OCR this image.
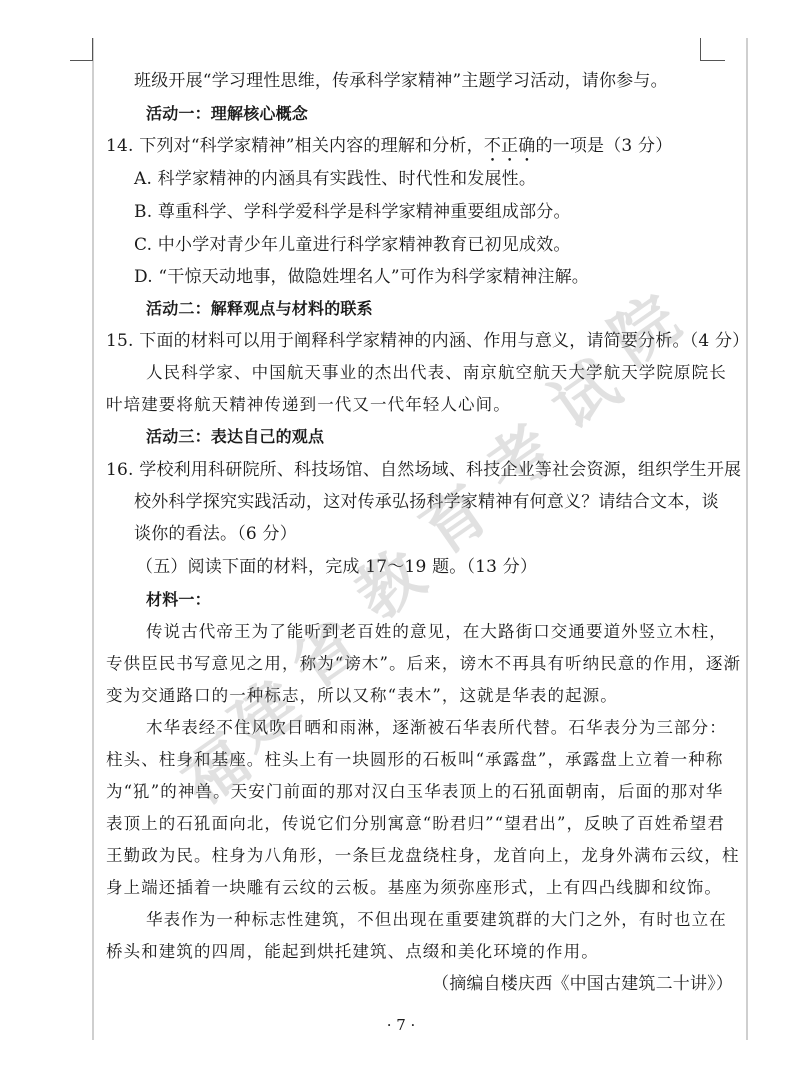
班级开展“学习理性思维，传承科学家精神”主题学习活动，请你参与。
活动一：理解核心概念
14. 下列对“科学家精神”相关内容的理解和分析，不正确的一项是（3 分）
A. 科学家精神的内涵具有实践性、时代性和发展性。
B. 尊重科学、学科学爱科学是科学家精神重要组成部分。
C. 中小学对青少年儿童进行科学家精神教育已初见成效。
D. “干惊天动地事，做隐姓埋名人”可作为科学家精神注解。
活动二：解释观点与材料的联系
15. 下面的材料可以用于阐释科学家精神的内涵、作用与意义，请简要分析。（4 分）
人民科学家、中国航天事业的杰出代表、南京航空航天大学航天学院原院长
叶培建要将航天精神传递到一代又一代年轻人心间。
活动三：表达自己的观点
16. 学校利用科研院所、科技场馆、自然场域、科技企业等社会资源，组织学生开展
校外科学探究实践活动，这对传承弘扬科学家精神有何意义？请结合文本，谈
谈你的看法。（6 分）
（五）阅读下面的材料，完成 17～19 题。（13 分）
材料一：
传说古代帝王为了能听到老百姓的意见，在大路街口交通要道外竖立木柱，
专供臣民书写意见之用，称为“谤木”。后来，谤木不再具有听纳民意的作用，逐渐
变为交通路口的一种标志，所以又称“表木”，这就是华表的起源。
木华表经不住风吹日晒和雨淋，逐渐被石华表所代替。石华表分为三部分：
柱头、柱身和基座。柱头上有一块圆形的石板叫“承露盘”，承露盘上立着一种称
为“犼”的神兽。天安门前面的那对汉白玉华表顶上的石犼面朝南，后面的那对华
表顶上的石犼面向北，传说它们分别寓意“盼君归”“望君出”，反映了百姓希望君
王勤政为民。柱身为八角形，一条巨龙盘绕柱身，龙首向上，龙身外满布云纹，柱
身上端还插着一块雕有云纹的云板。基座为须弥座形式，上有四凸线脚和纹饰。
华表作为一种标志性建筑，不但出现在重要建筑群的大门之外，有时也立在
桥头和建筑的四周，能起到烘托建筑、点缀和美化环境的作用。
（摘编自楼庆西《中国古建筑二十讲》）
· 7 ·
福
建
省
教
育
考
试
院
